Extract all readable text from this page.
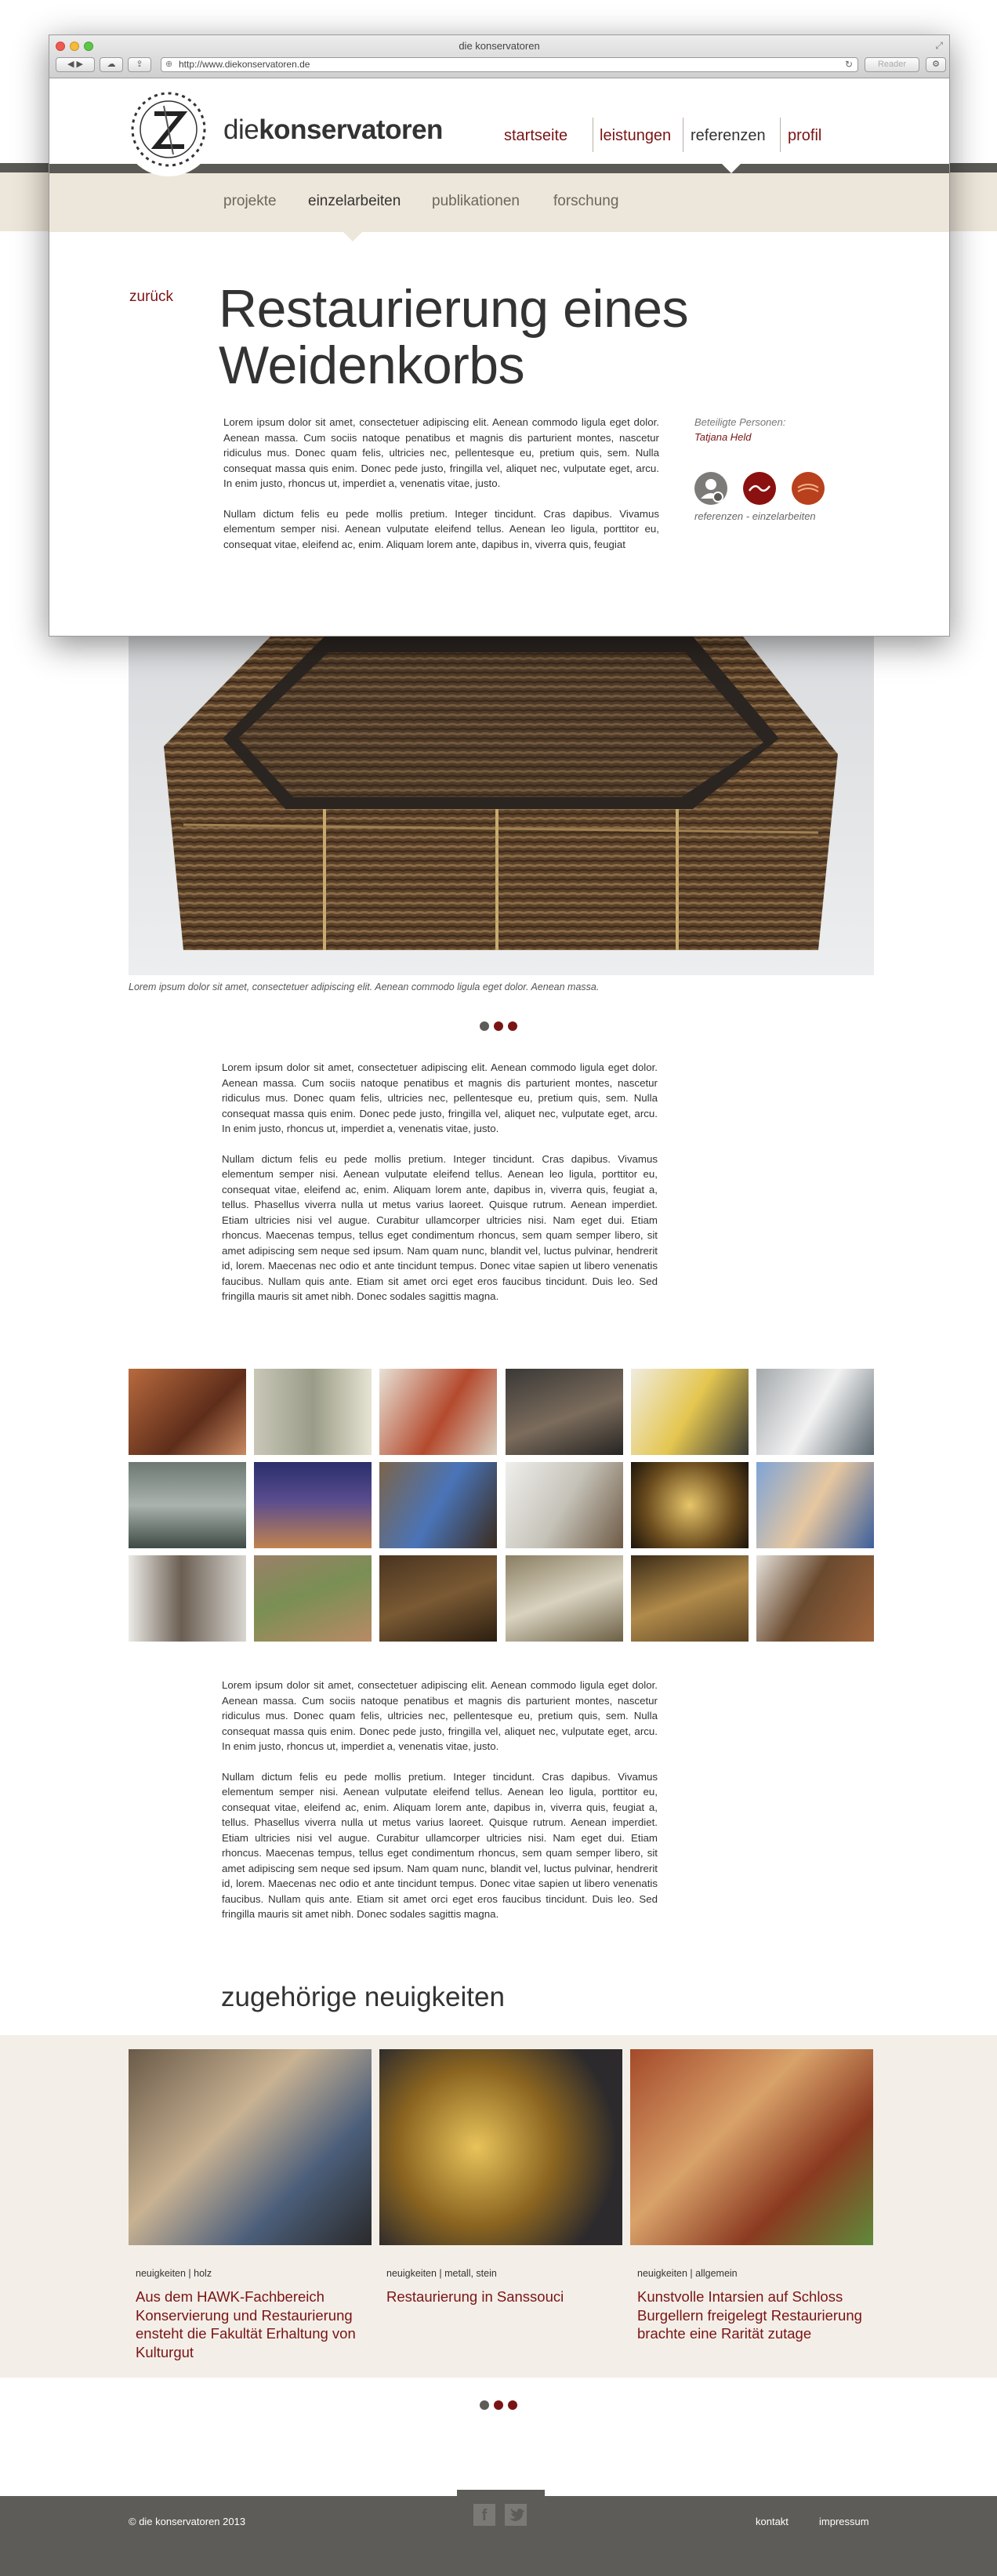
die konservatoren	⤢
◀ ▶	☁	⇪	⊕ http://www.diekonservatoren.de	↻	Reader	⚙
diekonservatoren	startseite leistungen referenzen profil
projekte einzelarbeiten publikationen forschung
zurück Restaurierung eines
Weidenkorbs

Lorem ipsum dolor sit amet, consectetuer adipiscing elit. Aenean commodo ligula eget dolor. Aenean massa. Cum sociis natoque penatibus et magnis dis parturient montes, nascetur ridiculus mus. Donec quam felis, ultricies nec, pellentesque eu, pretium quis, sem. Nulla consequat massa quis enim. Donec pede justo, fringilla vel, aliquet nec, vulputate eget, arcu. In enim justo, rhoncus ut, imperdiet a, venenatis vitae, justo.

Nullam dictum felis eu pede mollis pretium. Integer tincidunt. Cras dapibus. Vivamus elementum semper nisi. Aenean vulputate eleifend tellus. Aenean leo ligula, porttitor eu, consequat vitae, eleifend ac, enim. Aliquam lorem ante, dapibus in, viverra quis, feugiat

Beteiligte Personen:
Tatjana Held
referenzen - einzelarbeiten
Lorem ipsum dolor sit amet, consectetuer adipiscing elit. Aenean commodo ligula eget dolor. Aenean massa.

Lorem ipsum dolor sit amet, consectetuer adipiscing elit. Aenean commodo ligula eget dolor. Aenean massa. Cum sociis natoque penatibus et magnis dis parturient montes, nascetur ridiculus mus. Donec quam felis, ultricies nec, pellentesque eu, pretium quis, sem. Nulla consequat massa quis enim. Donec pede justo, fringilla vel, aliquet nec, vulputate eget, arcu. In enim justo, rhoncus ut, imperdiet a, venenatis vitae, justo.

Nullam dictum felis eu pede mollis pretium. Integer tincidunt. Cras dapibus. Vivamus elementum semper nisi. Aenean vulputate eleifend tellus. Aenean leo ligula, porttitor eu, consequat vitae, eleifend ac, enim. Aliquam lorem ante, dapibus in, viverra quis, feugiat a, tellus. Phasellus viverra nulla ut metus varius laoreet. Quisque rutrum. Aenean imperdiet. Etiam ultricies nisi vel augue. Curabitur ullamcorper ultricies nisi. Nam eget dui. Etiam rhoncus. Maecenas tempus, tellus eget condimentum rhoncus, sem quam semper libero, sit amet adipiscing sem neque sed ipsum. Nam quam nunc, blandit vel, luctus pulvinar, hendrerit id, lorem. Maecenas nec odio et ante tincidunt tempus. Donec vitae sapien ut libero venenatis faucibus. Nullam quis ante. Etiam sit amet orci eget eros faucibus tincidunt. Duis leo. Sed fringilla mauris sit amet nibh. Donec sodales sagittis magna.

Lorem ipsum dolor sit amet, consectetuer adipiscing elit. Aenean commodo ligula eget dolor. Aenean massa. Cum sociis natoque penatibus et magnis dis parturient montes, nascetur ridiculus mus. Donec quam felis, ultricies nec, pellentesque eu, pretium quis, sem. Nulla consequat massa quis enim. Donec pede justo, fringilla vel, aliquet nec, vulputate eget, arcu. In enim justo, rhoncus ut, imperdiet a, venenatis vitae, justo.

Nullam dictum felis eu pede mollis pretium. Integer tincidunt. Cras dapibus. Vivamus elementum semper nisi. Aenean vulputate eleifend tellus. Aenean leo ligula, porttitor eu, consequat vitae, eleifend ac, enim. Aliquam lorem ante, dapibus in, viverra quis, feugiat a, tellus. Phasellus viverra nulla ut metus varius laoreet. Quisque rutrum. Aenean imperdiet. Etiam ultricies nisi vel augue. Curabitur ullamcorper ultricies nisi. Nam eget dui. Etiam rhoncus. Maecenas tempus, tellus eget condimentum rhoncus, sem quam semper libero, sit amet adipiscing sem neque sed ipsum. Nam quam nunc, blandit vel, luctus pulvinar, hendrerit id, lorem. Maecenas nec odio et ante tincidunt tempus. Donec vitae sapien ut libero venenatis faucibus. Nullam quis ante. Etiam sit amet orci eget eros faucibus tincidunt. Duis leo. Sed fringilla mauris sit amet nibh. Donec sodales sagittis magna.

zugehörige neuigkeiten
neuigkeiten | holz
Aus dem HAWK-Fachbereich Konservierung und Restaurierung ensteht die Fakultät Erhaltung von Kulturgut
neuigkeiten | metall, stein
Restaurierung in Sanssouci
neuigkeiten | allgemein
Kunstvolle Intarsien auf Schloss Burgellern freigelegt Restaurierung brachte eine Rarität zutage
© die konservatoren 2013	f	kontakt	impressum
